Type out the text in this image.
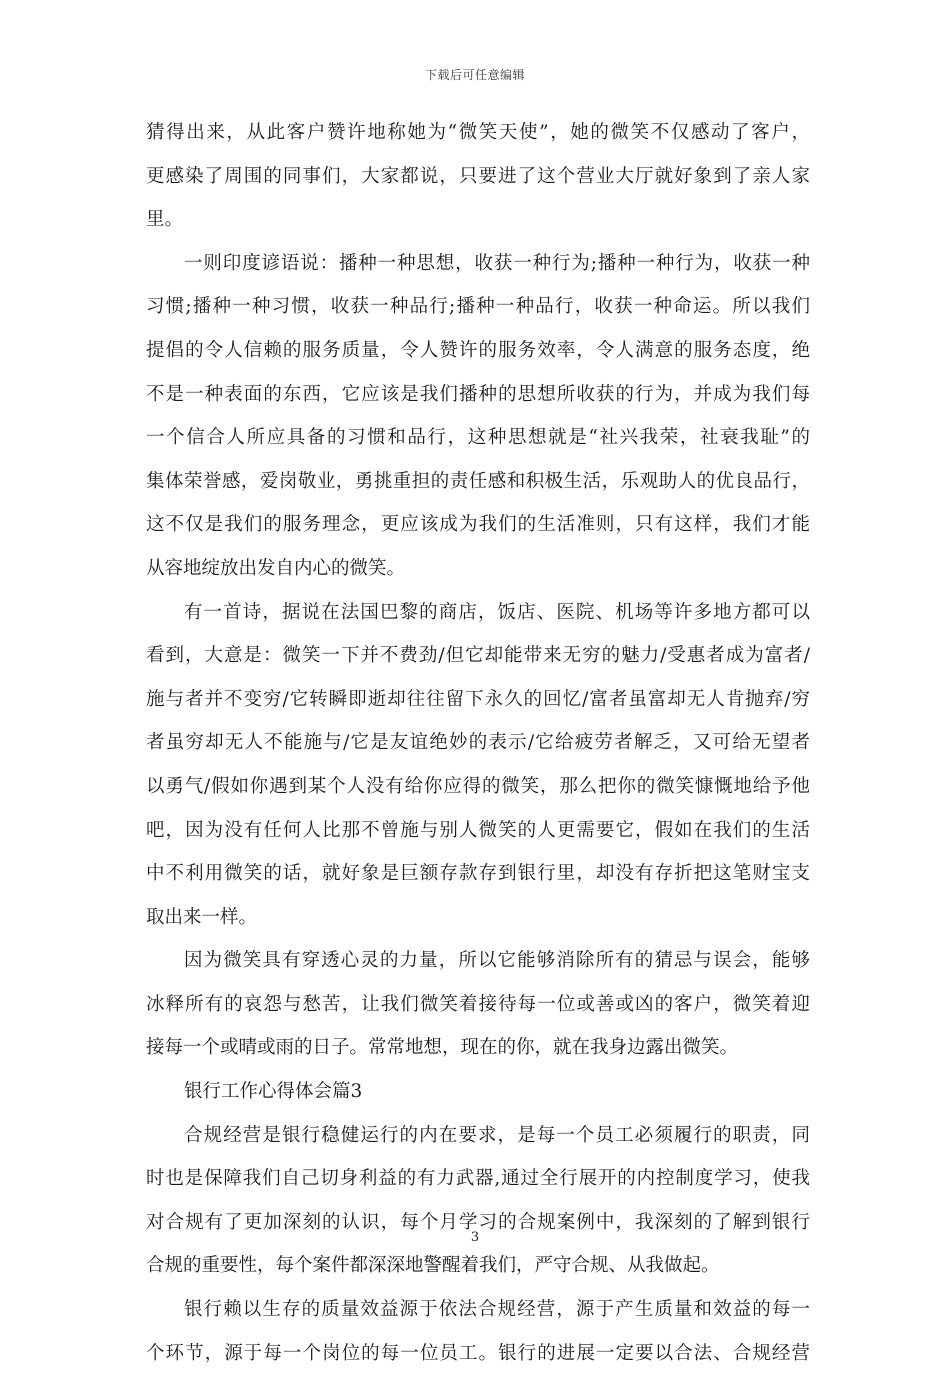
下载后可任意编辑
猜得出来，从此客户赞许地称她为“微笑天使”，她的微笑不仅感动了客户，
更感染了周围的同事们，大家都说，只要进了这个营业大厅就好象到了亲人家
里。
一则印度谚语说：播种一种思想，收获一种行为;播种一种行为，收获一种
习惯;播种一种习惯，收获一种品行;播种一种品行，收获一种命运。所以我们
提倡的令人信赖的服务质量，令人赞许的服务效率，令人满意的服务态度，绝
不是一种表面的东西，它应该是我们播种的思想所收获的行为，并成为我们每
一个信合人所应具备的习惯和品行，这种思想就是“社兴我荣，社衰我耻”的
集体荣誉感，爱岗敬业，勇挑重担的责任感和积极生活，乐观助人的优良品行，
这不仅是我们的服务理念，更应该成为我们的生活准则，只有这样，我们才能
从容地绽放出发自内心的微笑。
有一首诗，据说在法国巴黎的商店，饭店、医院、机场等许多地方都可以
看到，大意是：微笑一下并不费劲/但它却能带来无穷的魅力/受惠者成为富者/
施与者并不变穷/它转瞬即逝却往往留下永久的回忆/富者虽富却无人肯抛弃/穷
者虽穷却无人不能施与/它是友谊绝妙的表示/它给疲劳者解乏，又可给无望者
以勇气/假如你遇到某个人没有给你应得的微笑，那么把你的微笑慷慨地给予他
吧，因为没有任何人比那不曾施与别人微笑的人更需要它，假如在我们的生活
中不利用微笑的话，就好象是巨额存款存到银行里，却没有存折把这笔财宝支
取出来一样。
因为微笑具有穿透心灵的力量，所以它能够消除所有的猜忌与误会，能够
冰释所有的哀怨与愁苦，让我们微笑着接待每一位或善或凶的客户，微笑着迎
接每一个或晴或雨的日子。常常地想，现在的你，就在我身边露出微笑。
银行工作心得体会篇3
合规经营是银行稳健运行的内在要求，是每一个员工必须履行的职责，同
时也是保障我们自己切身利益的有力武器,通过全行展开的内控制度学习，使我
对合规有了更加深刻的认识，每个月学习的合规案例中，我深刻的了解到银行
合规的重要性，每个案件都深深地警醒着我们，严守合规、从我做起。
银行赖以生存的质量效益源于依法合规经营，源于产生质量和效益的每一
个环节，源于每一个岗位的每一位员工。银行的进展一定要以合法、合规经营
3
